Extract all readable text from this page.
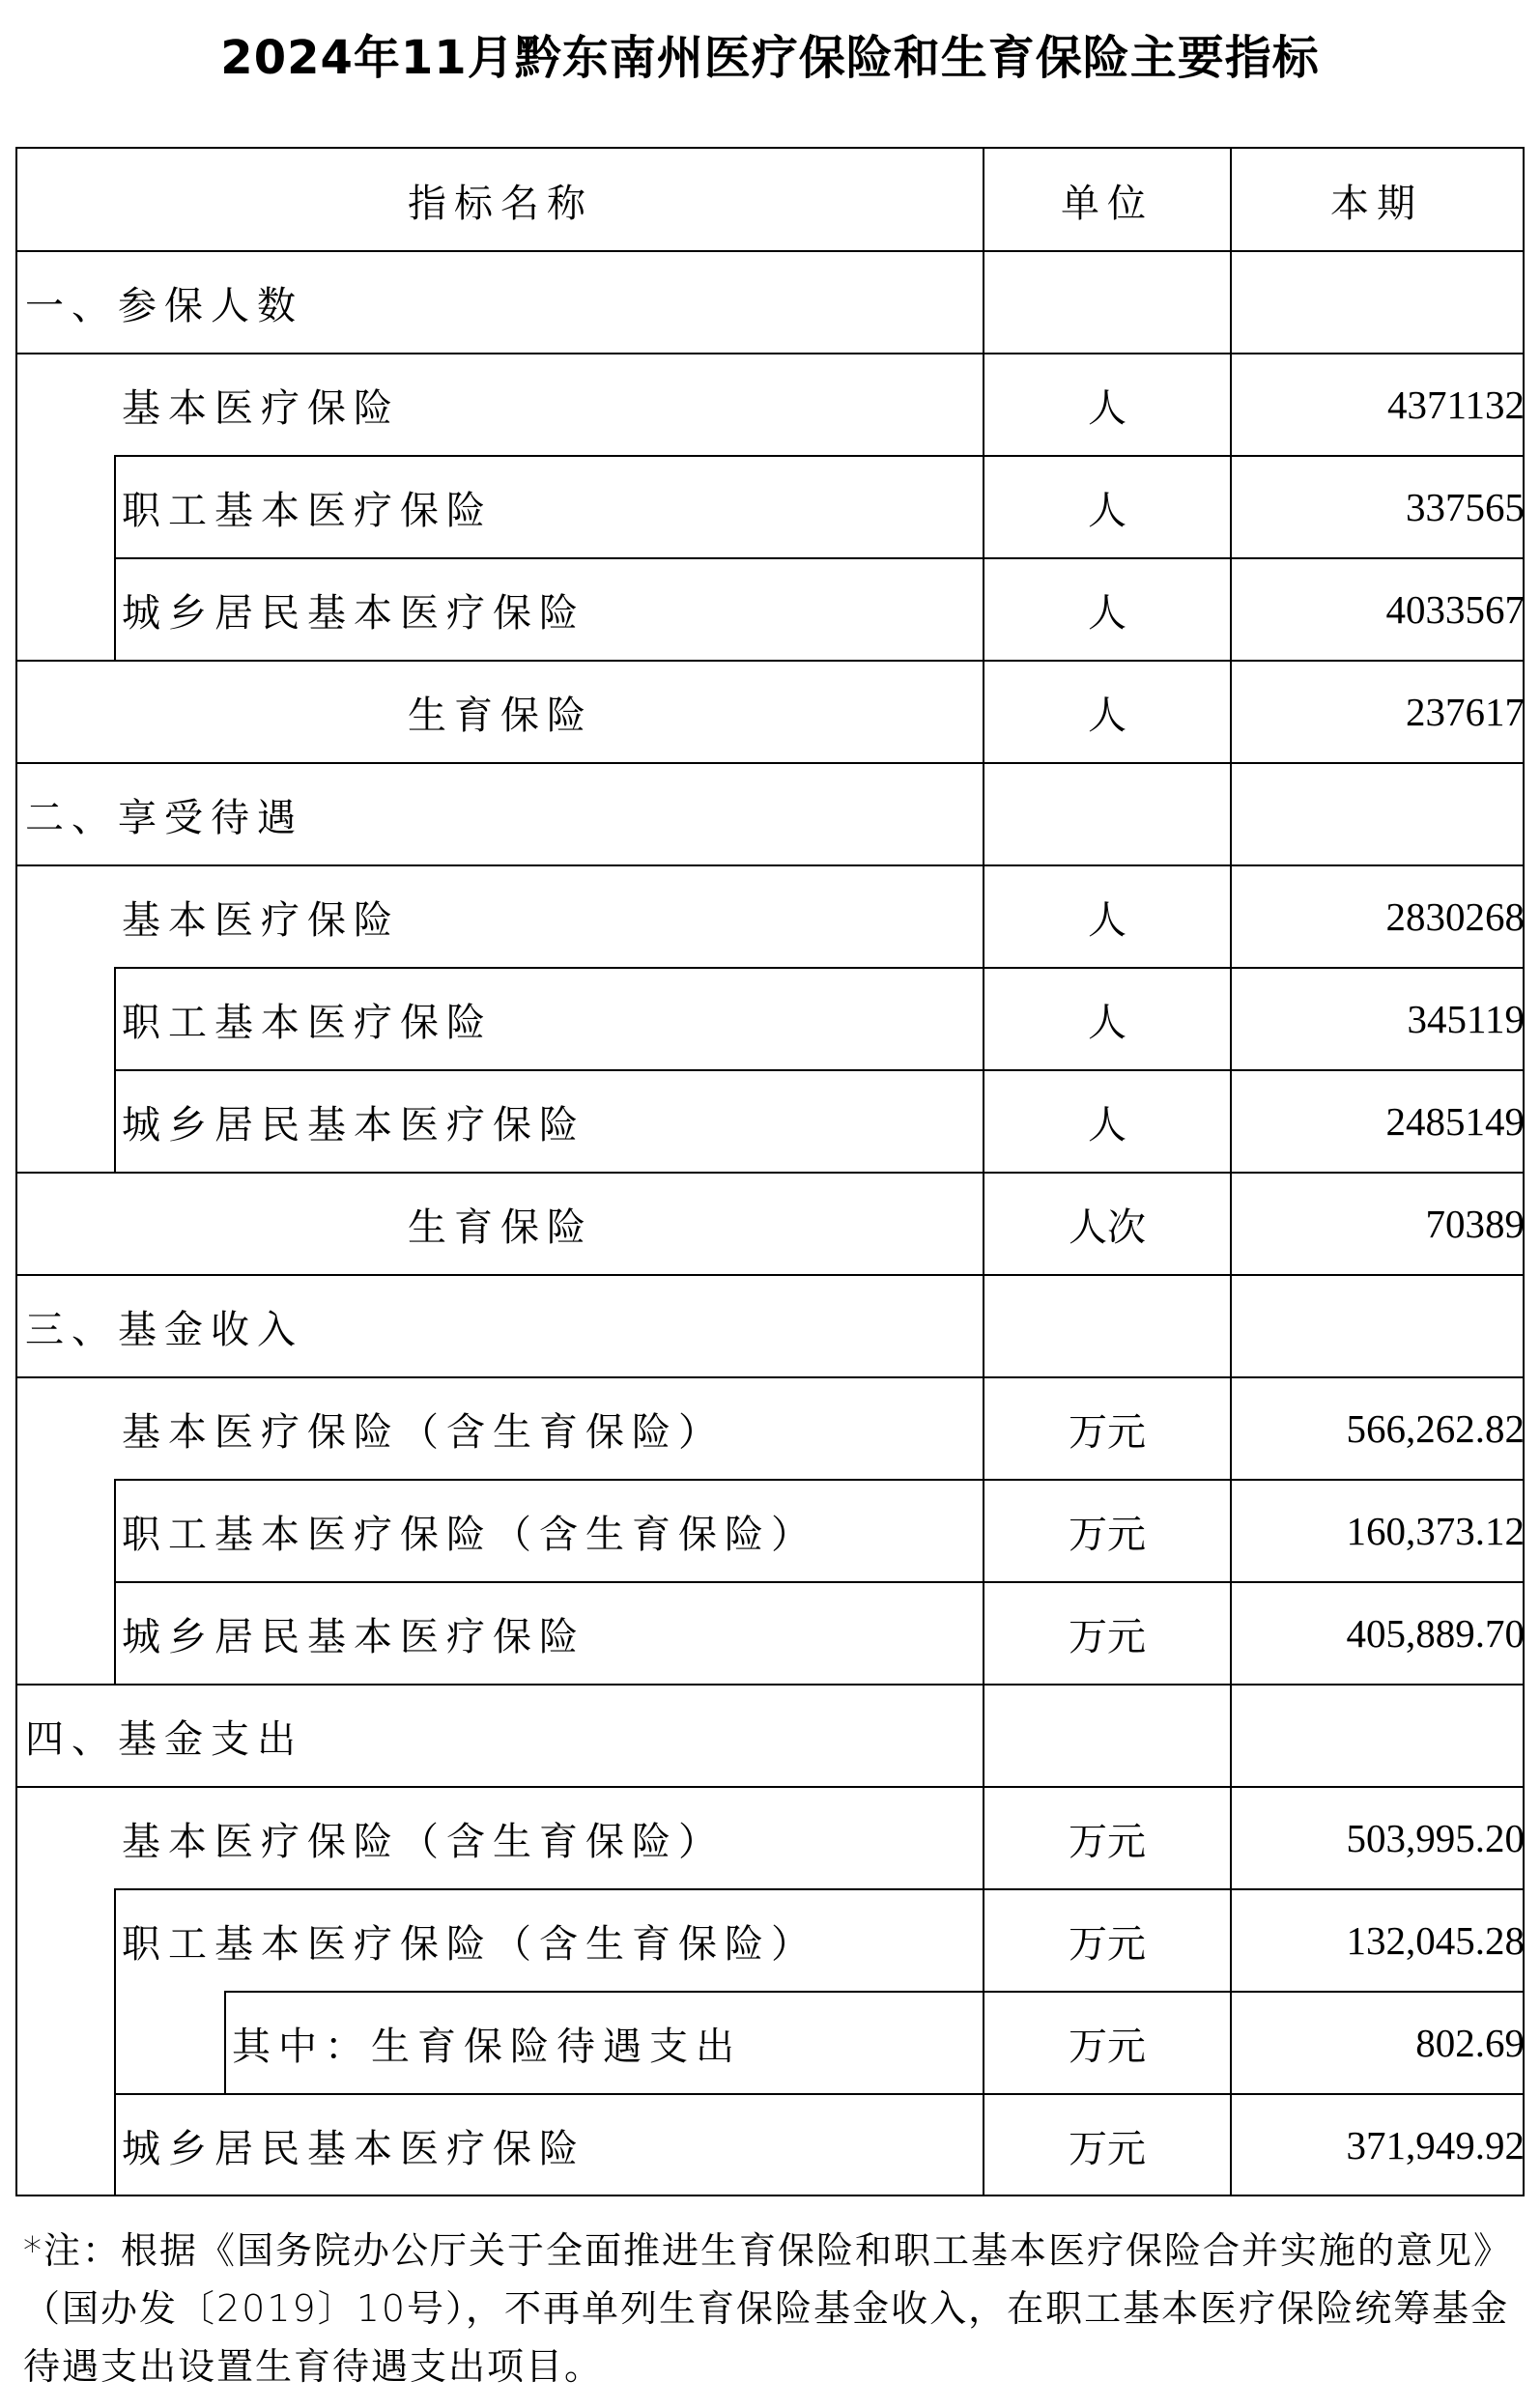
2024年11月黔东南州医疗保险和生育保险主要指标
指标名称	单位	本期
一、参保人数
基本医疗保险	人	4371132
职工基本医疗保险	人	337565
城乡居民基本医疗保险	人	4033567
生育保险	人	237617
二、享受待遇
基本医疗保险	人	2830268
职工基本医疗保险	人	345119
城乡居民基本医疗保险	人	2485149
生育保险	人次	70389
三、基金收入
基本医疗保险（含生育保险）	万元	566,262.82
职工基本医疗保险（含生育保险）	万元	160,373.12
城乡居民基本医疗保险	万元	405,889.70
四、基金支出
基本医疗保险（含生育保险）	万元	503,995.20
职工基本医疗保险（含生育保险）	万元	132,045.28
其中：生育保险待遇支出	万元	802.69
城乡居民基本医疗保险	万元	371,949.92
*注：根据《国务院办公厅关于全面推进生育保险和职工基本医疗保险合并实施的意见》（国办发〔2019〕10号），不再单列生育保险基金收入，在职工基本医疗保险统筹基金待遇支出设置生育待遇支出项目。
